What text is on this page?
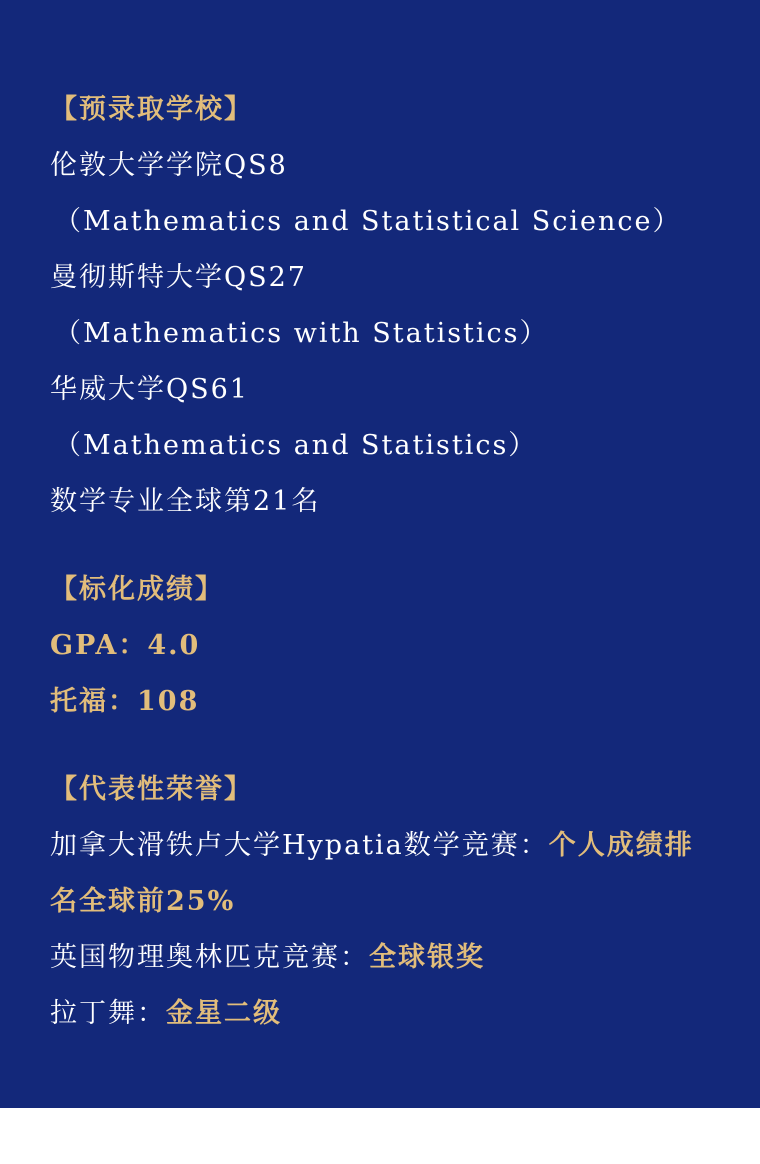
【预录取学校】
伦敦大学学院QS8
（Mathematics and Statistical Science）
曼彻斯特大学QS27
（Mathematics with Statistics）
华威大学QS61
（Mathematics and Statistics）
数学专业全球第21名
【标化成绩】
GPA：4.0
托福：108
【代表性荣誉】
加拿大滑铁卢大学Hypatia数学竞赛：个人成绩排
名全球前25%
英国物理奥林匹克竞赛：全球银奖
拉丁舞：金星二级
